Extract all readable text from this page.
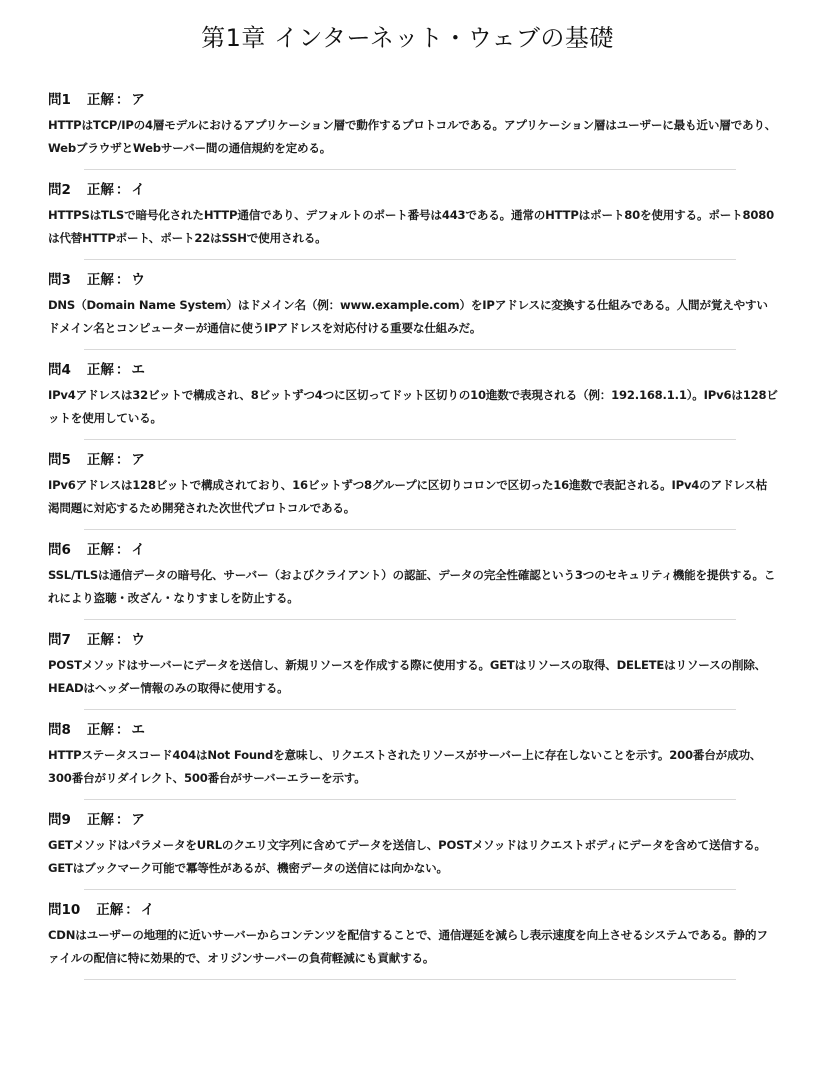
第1章 インターネット・ウェブの基礎
問1 正解 ： ア

HTTPはTCP/IPの4層モデルにおけるアプリケーション層で動作するプロトコルである。アプリケーション層はユーザーに最も近い層であり、WebブラウザとWebサーバー間の通信規約を定める。

問2 正解 ： イ

HTTPSはTLSで暗号化されたHTTP通信であり、デフォルトのポート番号は443である。通常のHTTPはポート80を使用する。ポート8080は代替HTTPポート、ポート22はSSHで使用される。

問3 正解 ： ウ

DNS（Domain Name System）はドメイン名（例：www.example.com）をIPアドレスに変換する仕組みである。人間が覚えやすいドメイン名とコンピューターが通信に使うIPアドレスを対応付ける重要な仕組みだ。

問4 正解 ： エ

IPv4アドレスは32ビットで構成され、8ビットずつ4つに区切ってドット区切りの10進数で表現される（例：192.168.1.1）。IPv6は128ビットを使用している。

問5 正解 ： ア

IPv6アドレスは128ビットで構成されており、16ビットずつ8グループに区切りコロンで区切った16進数で表記される。IPv4のアドレス枯渇問題に対応するため開発された次世代プロトコルである。

問6 正解 ： イ

SSL/TLSは通信データの暗号化、サーバー（およびクライアント）の認証、データの完全性確認という3つのセキュリティ機能を提供する。これにより盗聴・改ざん・なりすましを防止する。

問7 正解 ： ウ

POSTメソッドはサーバーにデータを送信し、新規リソースを作成する際に使用する。GETはリソースの取得、DELETEはリソースの削除、HEADはヘッダー情報のみの取得に使用する。

問8 正解 ： エ

HTTPステータスコード404はNot Foundを意味し、リクエストされたリソースがサーバー上に存在しないことを示す。200番台が成功、300番台がリダイレクト、500番台がサーバーエラーを示す。

問9 正解 ： ア

GETメソッドはパラメータをURLのクエリ文字列に含めてデータを送信し、POSTメソッドはリクエストボディにデータを含めて送信する。GETはブックマーク可能で冪等性があるが、機密データの送信には向かない。

問10 正解 ： イ

CDNはユーザーの地理的に近いサーバーからコンテンツを配信することで、通信遅延を減らし表示速度を向上させるシステムである。静的ファイルの配信に特に効果的で、オリジンサーバーの負荷軽減にも貢献する。
